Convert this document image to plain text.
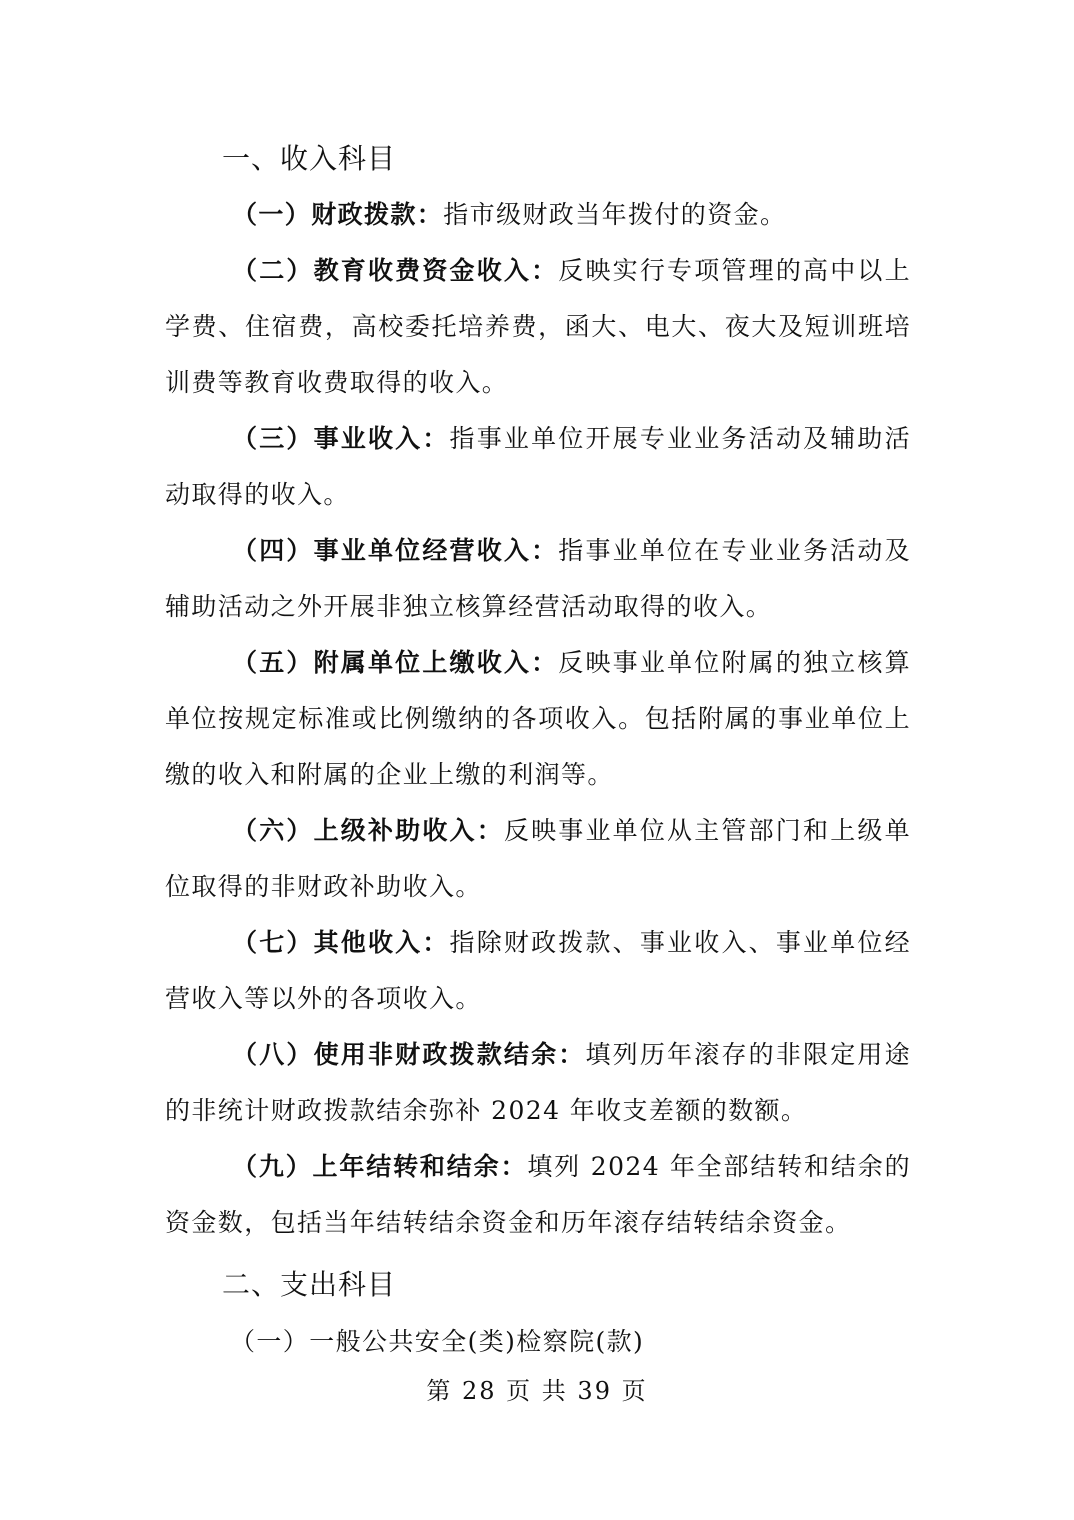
一、收入科目
（一）财政拨款：指市级财政当年拨付的资金。
（二）教育收费资金收入：反映实行专项管理的高中以上学费、住宿费，高校委托培养费，函大、电大、夜大及短训班培训费等教育收费取得的收入。
（三）事业收入：指事业单位开展专业业务活动及辅助活动取得的收入。
（四）事业单位经营收入：指事业单位在专业业务活动及辅助活动之外开展非独立核算经营活动取得的收入。
（五）附属单位上缴收入：反映事业单位附属的独立核算单位按规定标准或比例缴纳的各项收入。包括附属的事业单位上缴的收入和附属的企业上缴的利润等。
（六）上级补助收入：反映事业单位从主管部门和上级单位取得的非财政补助收入。
（七）其他收入：指除财政拨款、事业收入、事业单位经营收入等以外的各项收入。
（八）使用非财政拨款结余：填列历年滚存的非限定用途的非统计财政拨款结余弥补 2024 年收支差额的数额。
（九）上年结转和结余：填列 2024 年全部结转和结余的资金数，包括当年结转结余资金和历年滚存结转结余资金。
二、支出科目
（一）一般公共安全(类)检察院(款)
第 28 页 共 39 页
